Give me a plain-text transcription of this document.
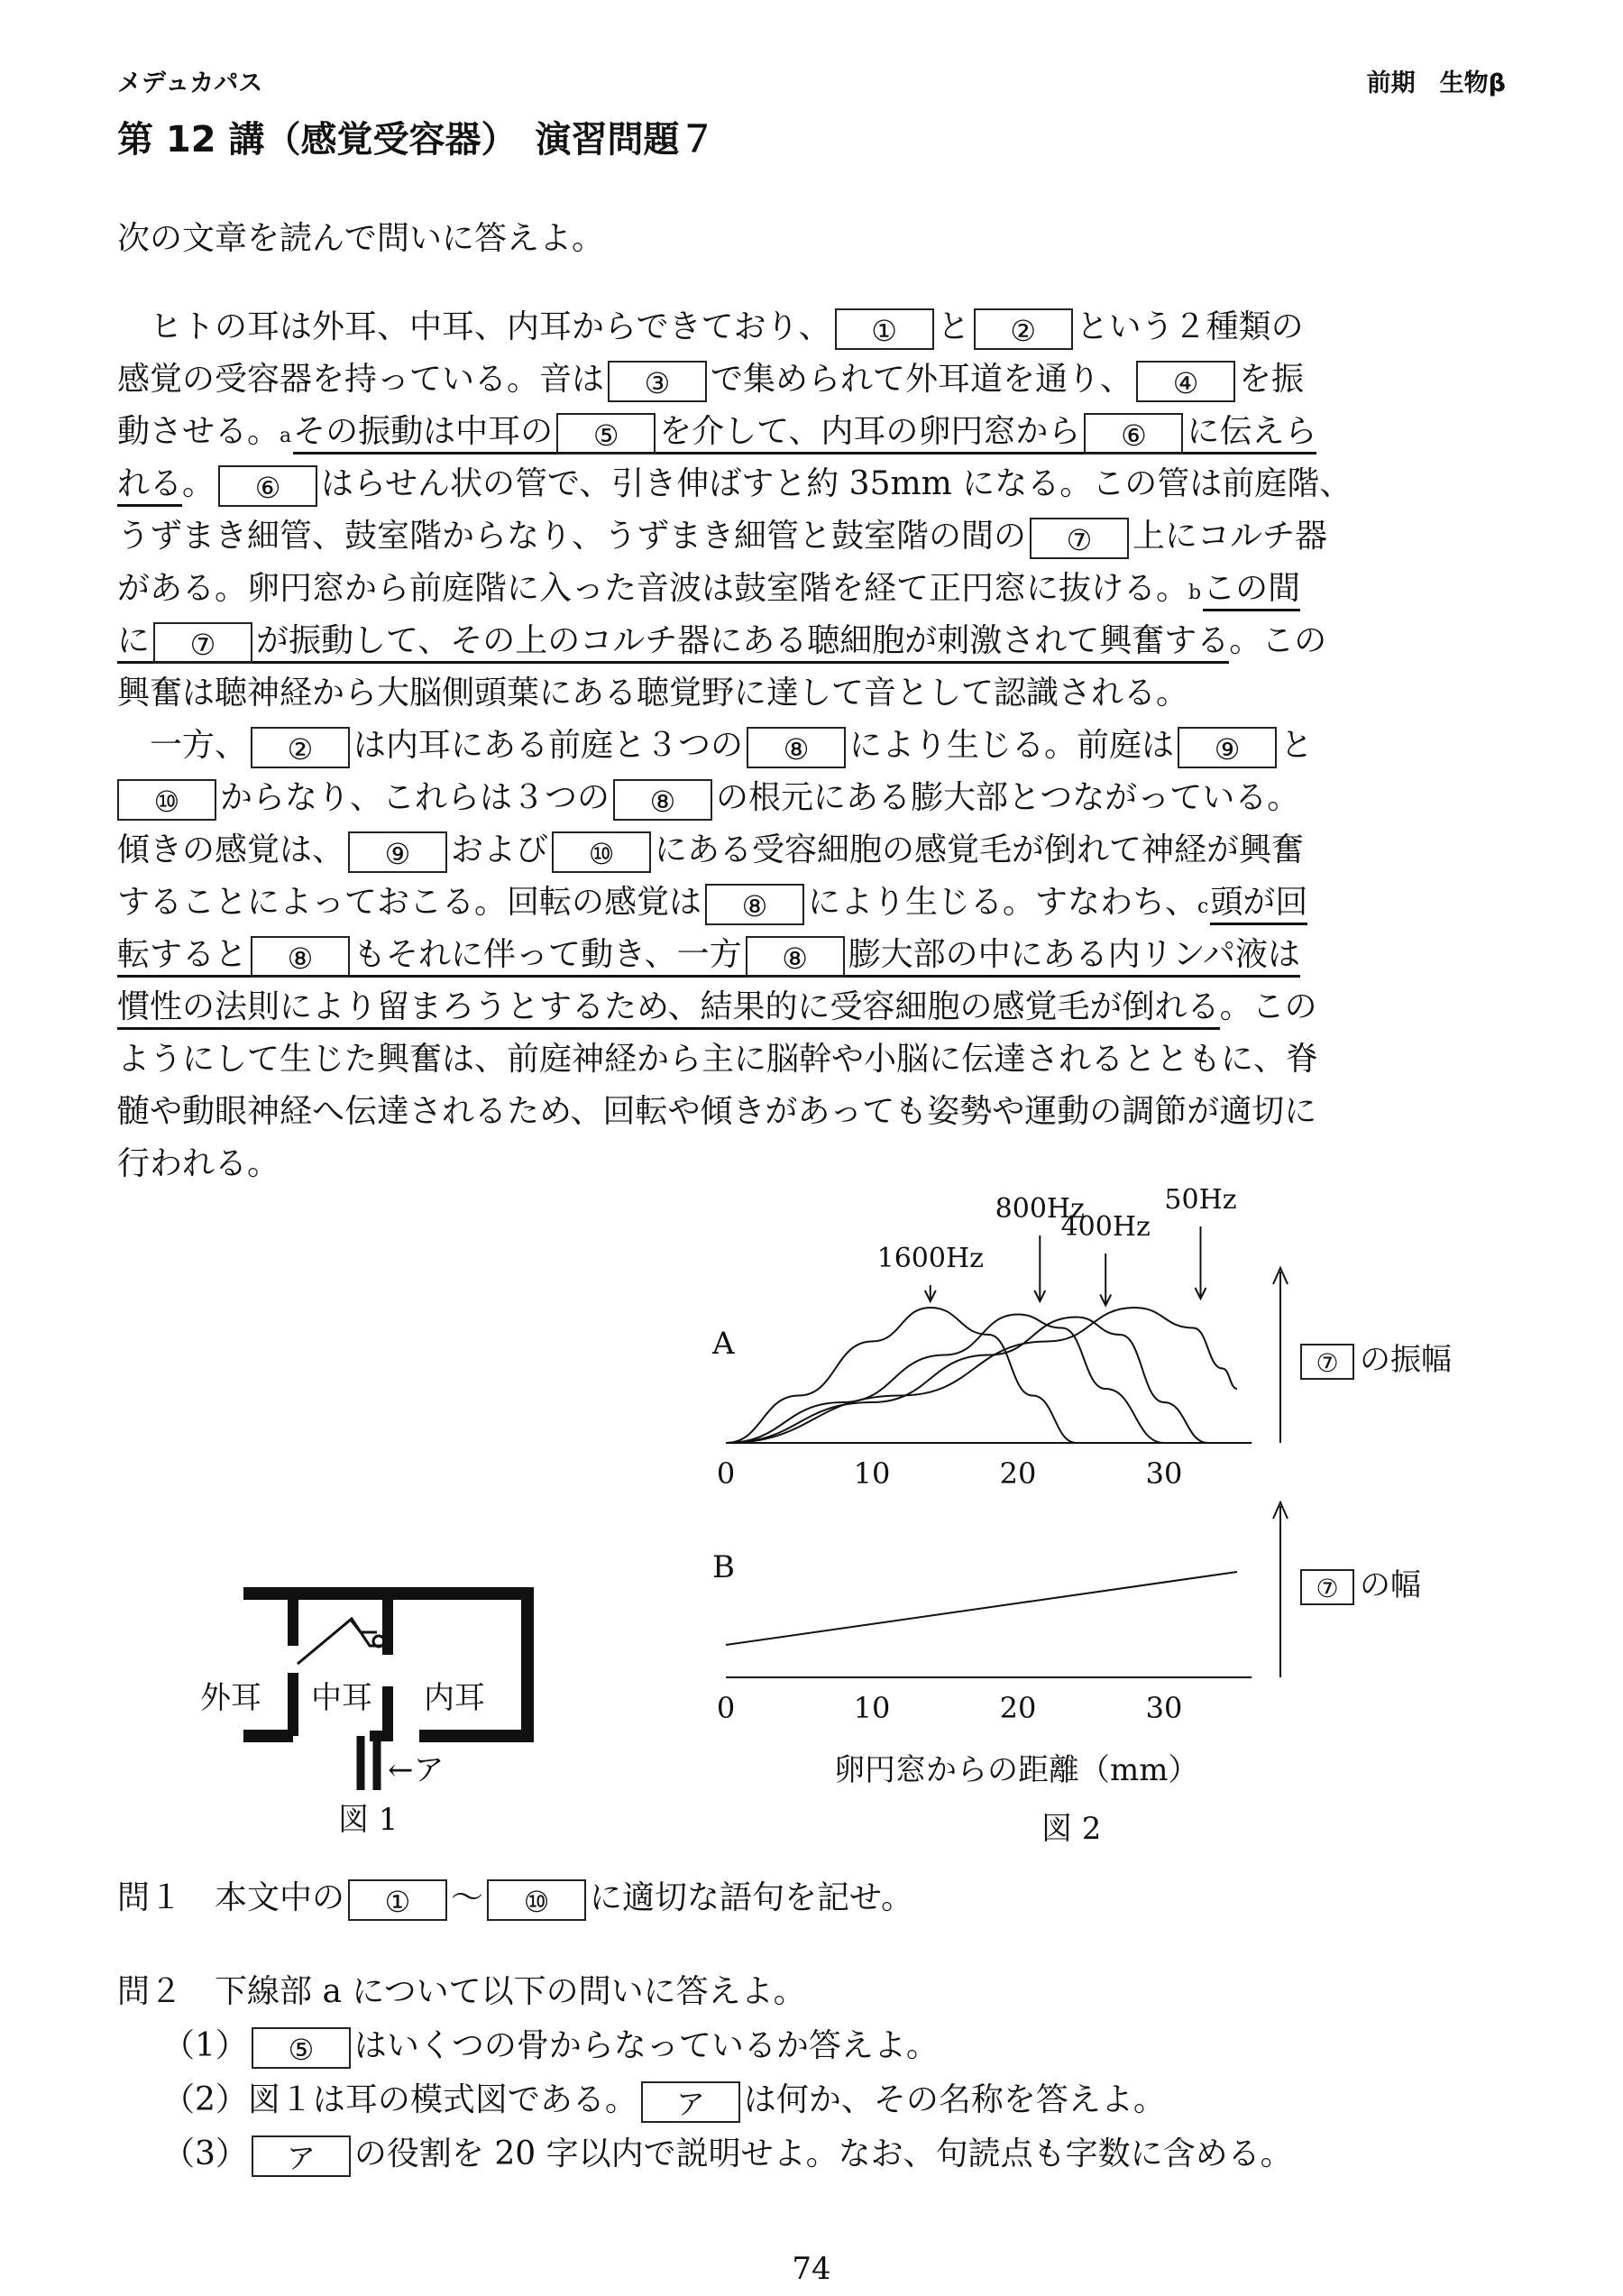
メデュカパス	前期　生物β
第 12 講（感覚受容器）　演習問題７
次の文章を読んで問いに答えよ。
　ヒトの耳は外耳、中耳、内耳からできており、 ① と ② という２種類の
感覚の受容器を持っている。音は ③ で集められて外耳道を通り、 ④ を振
動させる。aその振動は中耳の ⑤ を介して、内耳の卵円窓から ⑥ に伝えら
れる。 ⑥ はらせん状の管で、引き伸ばすと約 35mm になる。この管は前庭階、
うずまき細管、鼓室階からなり、うずまき細管と鼓室階の間の ⑦ 上にコルチ器
がある。卵円窓から前庭階に入った音波は鼓室階を経て正円窓に抜ける。bこの間
に ⑦ が振動して、その上のコルチ器にある聴細胞が刺激されて興奮する。この
興奮は聴神経から大脳側頭葉にある聴覚野に達して音として認識される。
　一方、 ② は内耳にある前庭と３つの ⑧ により生じる。前庭は ⑨ と
⑩ からなり、これらは３つの ⑧ の根元にある膨大部とつながっている。
傾きの感覚は、 ⑨ および ⑩ にある受容細胞の感覚毛が倒れて神経が興奮
することによっておこる。回転の感覚は ⑧ により生じる。すなわち、c頭が回
転すると ⑧ もそれに伴って動き、一方 ⑧ 膨大部の中にある内リンパ液は
慣性の法則により留まろうとするため、結果的に受容細胞の感覚毛が倒れる。この
ようにして生じた興奮は、前庭神経から主に脳幹や小脳に伝達されるとともに、脊
髄や動眼神経へ伝達されるため、回転や傾きがあっても姿勢や運動の調節が適切に
行われる。
外耳 中耳 内耳
←ア
図 1
1600Hz
800Hz
400Hz
50Hz
0	10	20	30
0	10	20	30
A
B
⑦ の振幅
⑦ の幅
卵円窓からの距離（mm）
図 2
問１　本文中の ① ～ ⑩ に適切な語句を記せ。
問２　下線部 a について以下の問いに答えよ。
（1） ⑤ はいくつの骨からなっているか答えよ。
（2）図１は耳の模式図である。 ア は何か、その名称を答えよ。
（3） ア の役割を 20 字以内で説明せよ。なお、句読点も字数に含める。
74
